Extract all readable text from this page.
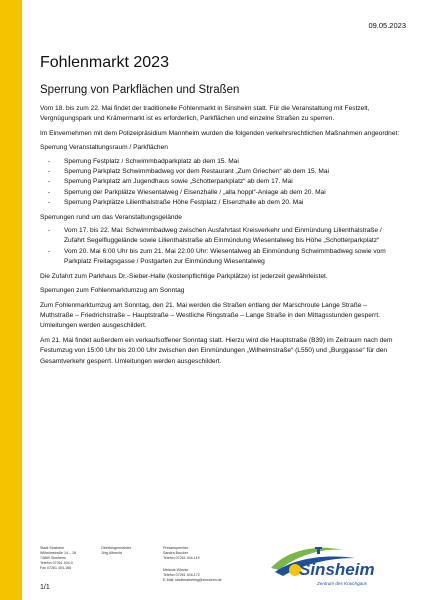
09.05.2023
Fohlenmarkt 2023
Sperrung von Parkflächen und Straßen

Vom 18. bis zum 22. Mai findet der traditionelle Fohlenmarkt in Sinsheim statt. Für die Veranstaltung mit Festzelt, Vergnügungspark und Krämermarkt ist es erforderlich, Parkflächen und einzelne Straßen zu sperren.

Im Einvernehmen mit dem Polizeipräsidium Mannheim wurden die folgenden verkehrsrechtlichen Maßnahmen angeordnet:

Sperrung Veranstaltungsraum / Parkflächen

- Sperrung Festplatz / Schwimmbadparkplatz ab dem 15. Mai
- Sperrung Parkplatz Schwimmbadweg vor dem Restaurant „Zum Griechen“ ab dem 15. Mai
- Sperrung Parkplatz am Jugendhaus sowie „Schotterparkplatz“ ab dem 17. Mai
- Sperrung der Parkplätze Wiesentalweg / Elsenzhalle / „alla hoppl“-Anlage ab dem 20. Mai
- Sperrung Parkplätze Lilienthalstraße Höhe Festplatz / Elsenzhalle ab dem 20. Mai

Sperrungen rund um das Veranstaltungsgelände

- Vom 17. bis 22. Mai: Schwimmbadweg zwischen Ausfahrtast Kreisverkehr und Einmündung Lilienthalstraße / Zufahrt Segelfluggelände sowie Lilienthalstraße ab Einmündung Wiesentalweg bis Höhe „Schotterparkplatz“
- Vom 20. Mai 6:00 Uhr bis zum 21. Mai 22:00 Uhr: Wiesentalweg ab Einmündung Schwimmbadweg sowie vom Parkplatz Freitagsgasse / Postgarten zur Einmündung Wiesentalweg

Die Zufahrt zum Parkhaus Dr.-Sieber-Halle (kostenpflichtige Parkplätze) ist jederzeit gewährleistet.

Sperrungen zum Fohlenmarktumzug am Sonntag

Zum Fohlenmarktumzug am Sonntag, den 21. Mai werden die Straßen entlang der Marschroute Lange Straße – Muthstraße – Friedrichstraße – Hauptstraße – Westliche Ringstraße – Lange Straße in den Mittagsstunden gesperrt. Umleitungen werden ausgeschildert.

Am 21. Mai findet außerdem ein verkaufsoffener Sonntag statt. Hierzu wird die Hauptstraße (B39) im Zeitraum nach dem Festumzug von 15:00 Uhr bis 20:00 Uhr zwischen den Einmündungen „Wilhelmstraße“ (L550) und „Burggasse“ für den Gesamtverkehr gesperrt. Umleitungen werden ausgeschildert.

Stadt Sinsheim
Wilhelmstraße 14 – 18
74889 Sinsheim
Telefon 07261 404-0
Fax 07261 404-166
Oberbürgermeister
Jörg Albrecht
Pressesprecher
Sandra Brucker
Telefon 07261 404-119
Melanie Wincke
Telefon 07261 404-172
E-Mail: stadtmarketing@sinsheim.de
1/1
Sinsheim
Zentrum des Kraichgaus
